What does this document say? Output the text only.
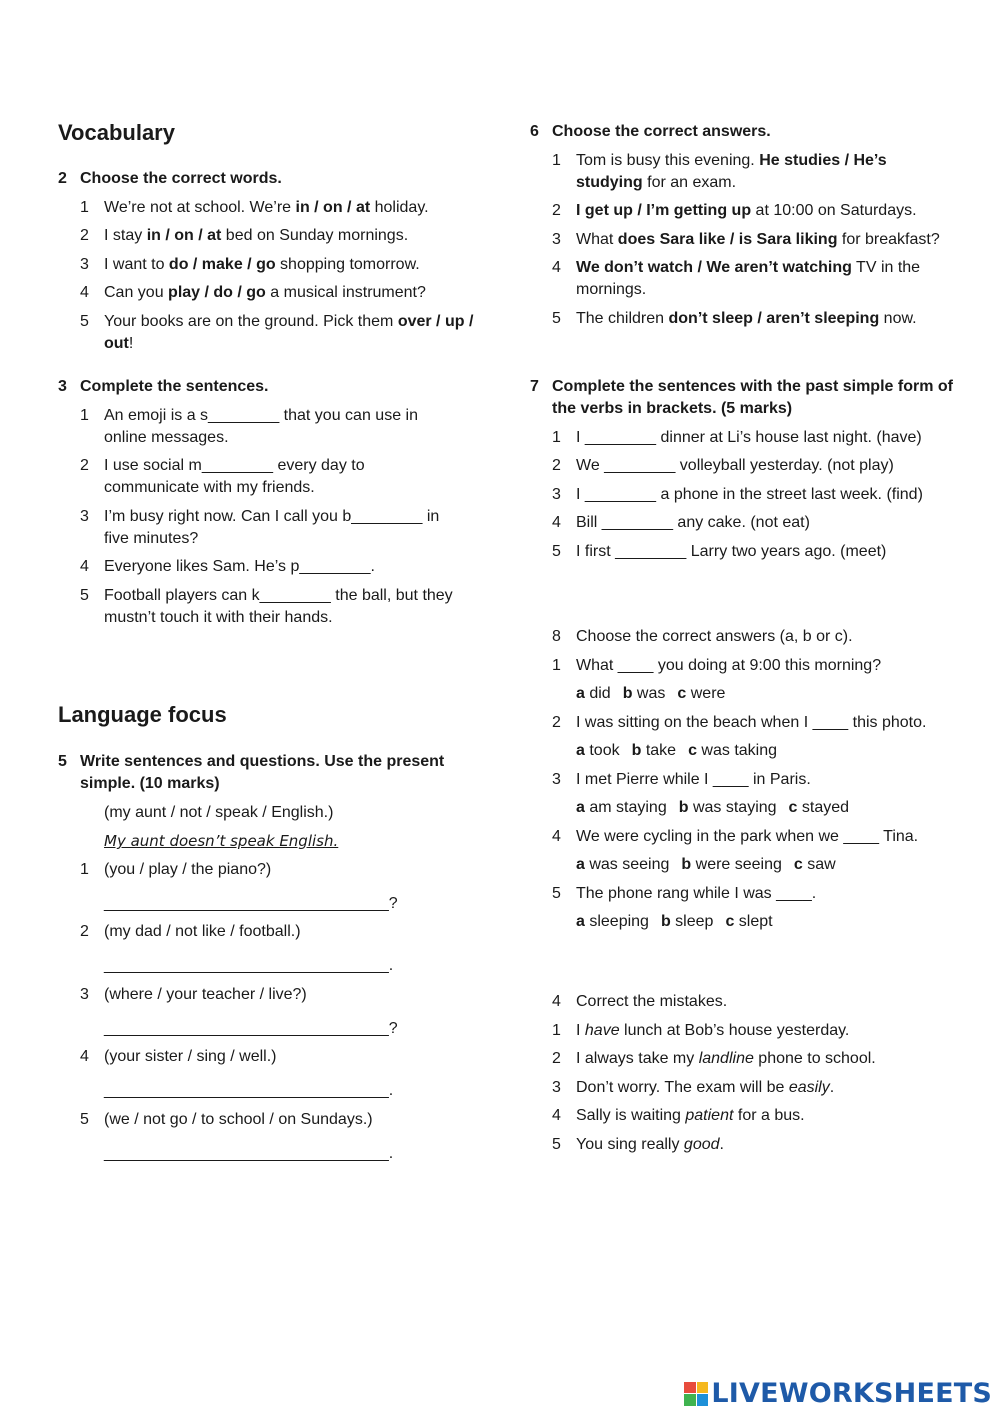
Vocabulary
2 Choose the correct words.
1 We’re not at school. We’re in / on / at holiday.
2 I stay in / on / at bed on Sunday mornings.
3 I want to do / make / go shopping tomorrow.
4 Can you play / do / go a musical instrument?
5 Your books are on the ground. Pick them over / up / out!
3 Complete the sentences.
1 An emoji is a s________ that you can use in online messages.
2 I use social m________ every day to communicate with my friends.
3 I’m busy right now. Can I call you b________ in five minutes?
4 Everyone likes Sam. He’s p________.
5 Football players can k________ the ball, but they mustn’t touch it with their hands.
Language focus
5 Write sentences and questions. Use the present simple. (10 marks)
(my aunt / not / speak / English.)
My aunt doesn’t speak English.
1 (you / play / the piano?)
________________________________?
2 (my dad / not like / football.)
________________________________.
3 (where / your teacher / live?)
________________________________?
4 (your sister / sing / well.)
________________________________.
5 (we / not go / to school / on Sundays.)
________________________________.
6 Choose the correct answers.
1 Tom is busy this evening. He studies / He’s studying for an exam.
2 I get up / I’m getting up at 10:00 on Saturdays.
3 What does Sara like / is Sara liking for breakfast?
4 We don’t watch / We aren’t watching TV in the mornings.
5 The children don’t sleep / aren’t sleeping now.
7 Complete the sentences with the past simple form of the verbs in brackets. (5 marks)
1 I ________ dinner at Li’s house last night. (have)
2 We ________ volleyball yesterday. (not play)
3 I ________ a phone in the street last week. (find)
4 Bill ________ any cake. (not eat)
5 I first ________ Larry two years ago. (meet)
8 Choose the correct answers (a, b or c).
1 What ____ you doing at 9:00 this morning?
a did b was c were
2 I was sitting on the beach when I ____ this photo.
a took b take c was taking
3 I met Pierre while I ____ in Paris.
a am staying b was staying c stayed
4 We were cycling in the park when we ____ Tina.
a was seeing b were seeing c saw
5 The phone rang while I was ____.
a sleeping b sleep c slept
4 Correct the mistakes.
1 I have lunch at Bob’s house yesterday.
2 I always take my landline phone to school.
3 Don’t worry. The exam will be easily.
4 Sally is waiting patient for a bus.
5 You sing really good.
LIVEWORKSHEETS
